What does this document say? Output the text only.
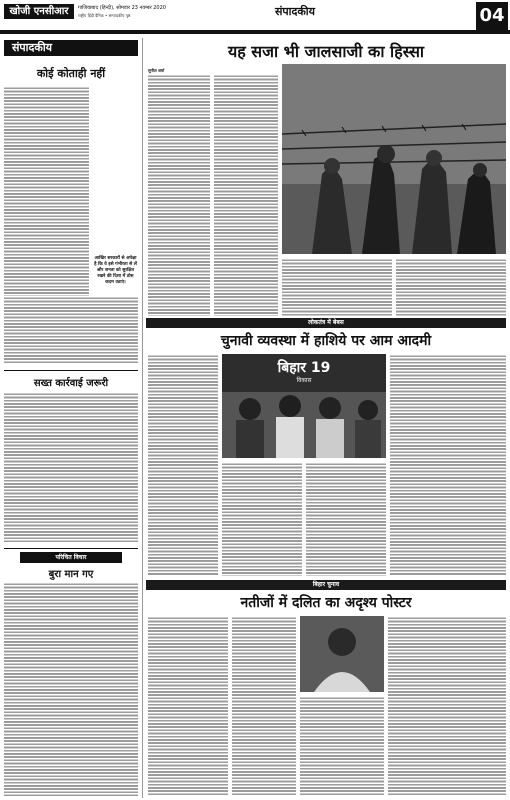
खोजी एनसीआर	गाजियाबाद (हिन्दी), सोमवार 23 नवम्बर 2020
राष्ट्रीय हिंदी दैनिक • सम्पादकीय पृष्ठ	संपादकीय	04
संपादकीय
कोई कोताही नहीं
आखिर सरकारों से अपेक्षा है कि वे इसे गंभीरता से लें और जनता को सुरक्षित रखने की दिशा में ठोस कदम उठाएं।
सख्त कार्रवाई जरूरी
परिचित विचार
बुरा मान गए
यह सजा भी जालसाजी का हिस्सा
सुनील शर्मा
लोकतंत्र में बेबस
चुनावी व्यवस्था में हाशिये पर आम आदमी
बिहार 19
विकास
बिहार चुनाव
नतीजों में दलित का अदृश्य पोस्टर
